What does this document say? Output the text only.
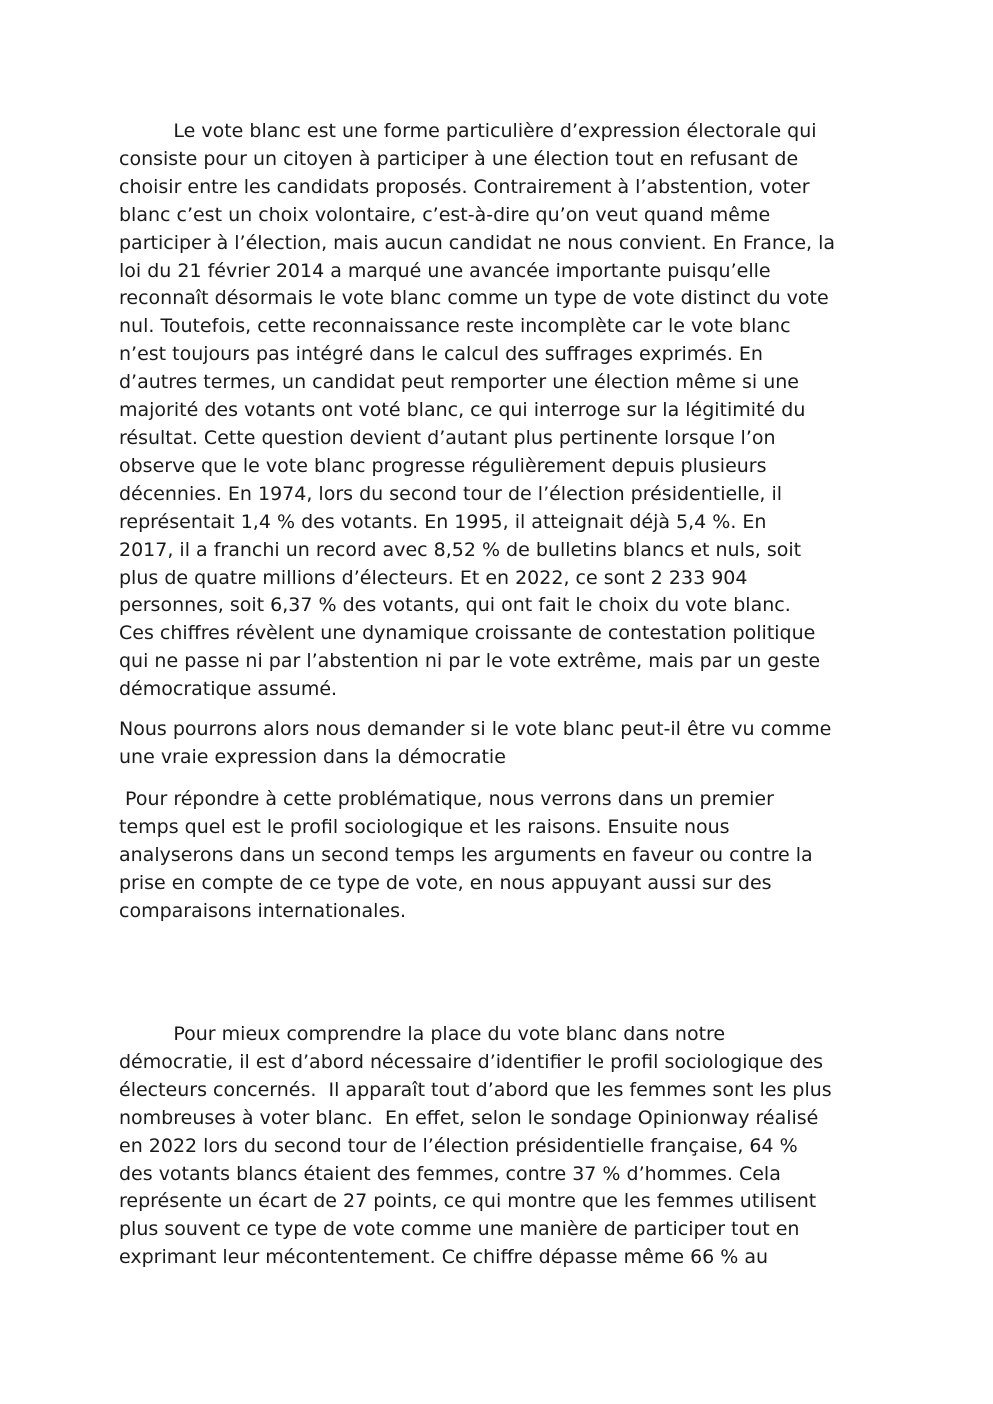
Le vote blanc est une forme particulière d’expression électorale qui
consiste pour un citoyen à participer à une élection tout en refusant de
choisir entre les candidats proposés. Contrairement à l’abstention, voter
blanc c’est un choix volontaire, c’est-à-dire qu’on veut quand même
participer à l’élection, mais aucun candidat ne nous convient. En France, la
loi du 21 février 2014 a marqué une avancée importante puisqu’elle
reconnaît désormais le vote blanc comme un type de vote distinct du vote
nul. Toutefois, cette reconnaissance reste incomplète car le vote blanc
n’est toujours pas intégré dans le calcul des suffrages exprimés. En
d’autres termes, un candidat peut remporter une élection même si une
majorité des votants ont voté blanc, ce qui interroge sur la légitimité du
résultat. Cette question devient d’autant plus pertinente lorsque l’on
observe que le vote blanc progresse régulièrement depuis plusieurs
décennies. En 1974, lors du second tour de l’élection présidentielle, il
représentait 1,4 % des votants. En 1995, il atteignait déjà 5,4 %. En
2017, il a franchi un record avec 8,52 % de bulletins blancs et nuls, soit
plus de quatre millions d’électeurs. Et en 2022, ce sont 2 233 904
personnes, soit 6,37 % des votants, qui ont fait le choix du vote blanc.
Ces chiffres révèlent une dynamique croissante de contestation politique
qui ne passe ni par l’abstention ni par le vote extrême, mais par un geste
démocratique assumé.

Nous pourrons alors nous demander si le vote blanc peut-il être vu comme
une vraie expression dans la démocratie

Pour répondre à cette problématique, nous verrons dans un premier
temps quel est le profil sociologique et les raisons. Ensuite nous
analyserons dans un second temps les arguments en faveur ou contre la
prise en compte de ce type de vote, en nous appuyant aussi sur des
comparaisons internationales.

Pour mieux comprendre la place du vote blanc dans notre
démocratie, il est d’abord nécessaire d’identifier le profil sociologique des
électeurs concernés.  Il apparaît tout d’abord que les femmes sont les plus
nombreuses à voter blanc.  En effet, selon le sondage Opinionway réalisé
en 2022 lors du second tour de l’élection présidentielle française, 64 %
des votants blancs étaient des femmes, contre 37 % d’hommes. Cela
représente un écart de 27 points, ce qui montre que les femmes utilisent
plus souvent ce type de vote comme une manière de participer tout en
exprimant leur mécontentement. Ce chiffre dépasse même 66 % au
